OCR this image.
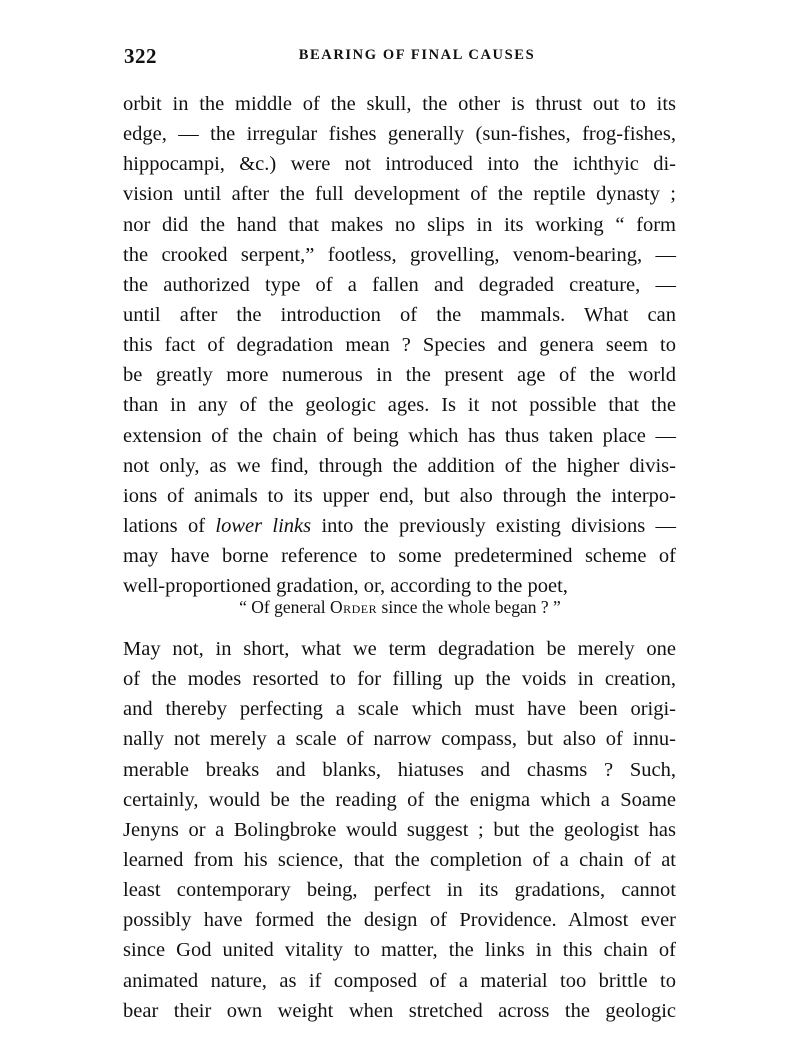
322	BEARING OF FINAL CAUSES
orbit in the middle of the skull, the other is thrust out to its
edge, — the irregular fishes generally (sun-fishes, frog-fishes,
hippocampi, &c.) were not introduced into the ichthyic di-
vision until after the full development of the reptile dynasty ;
nor did the hand that makes no slips in its working “ form
the crooked serpent,” footless, grovelling, venom-bearing, —
the authorized type of a fallen and degraded creature, —
until after the introduction of the mammals. What can
this fact of degradation mean ? Species and genera seem to
be greatly more numerous in the present age of the world
than in any of the geologic ages. Is it not possible that the
extension of the chain of being which has thus taken place —
not only, as we find, through the addition of the higher divis-
ions of animals to its upper end, but also through the interpo-
lations of lower links into the previously existing divisions —
may have borne reference to some predetermined scheme of
well-proportioned gradation, or, according to the poet,
“ Of general Order since the whole began ? ”
May not, in short, what we term degradation be merely one
of the modes resorted to for filling up the voids in creation,
and thereby perfecting a scale which must have been origi-
nally not merely a scale of narrow compass, but also of innu-
merable breaks and blanks, hiatuses and chasms ? Such,
certainly, would be the reading of the enigma which a Soame
Jenyns or a Bolingbroke would suggest ; but the geologist has
learned from his science, that the completion of a chain of at
least contemporary being, perfect in its gradations, cannot
possibly have formed the design of Providence. Almost ever
since God united vitality to matter, the links in this chain of
animated nature, as if composed of a material too brittle to
bear their own weight when stretched across the geologic
